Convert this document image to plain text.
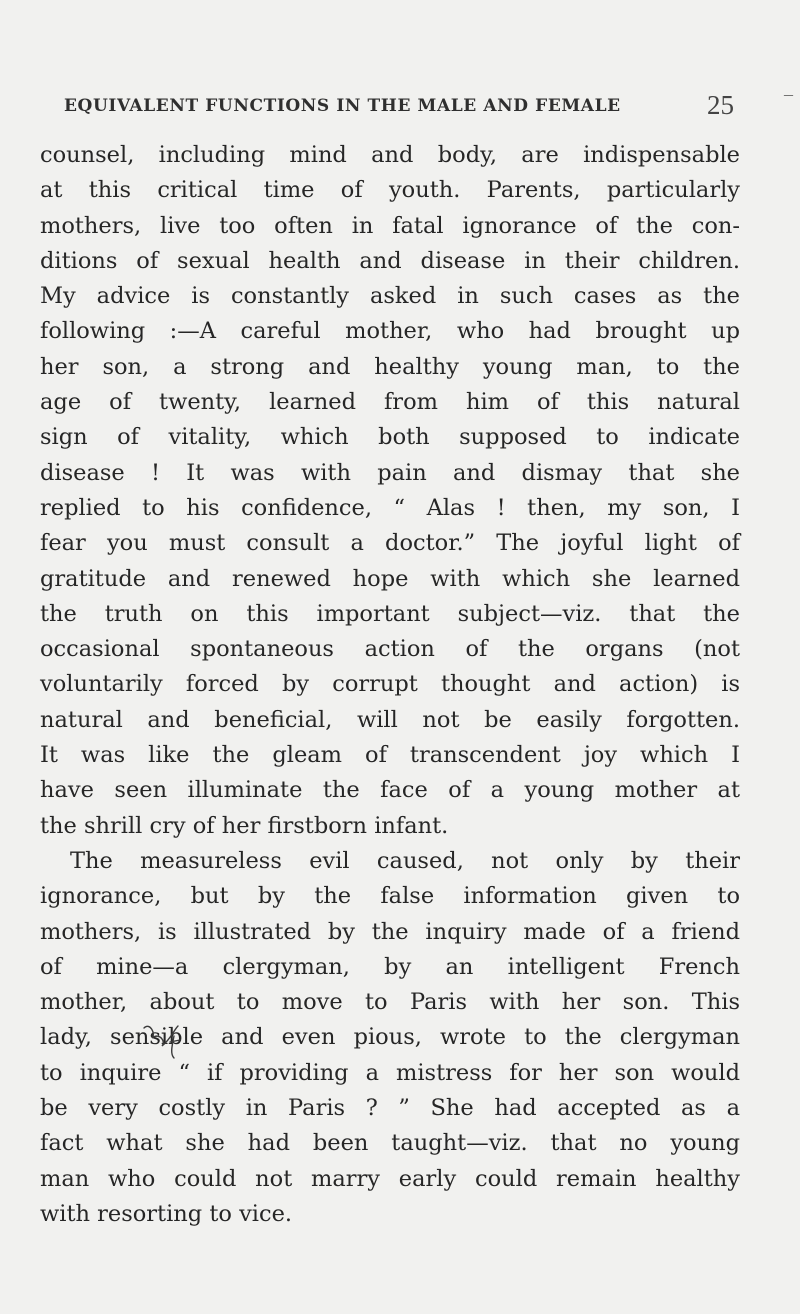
EQUIVALENT FUNCTIONS IN THE MALE AND FEMALE	25	–
counsel, including mind and body, are indispensable
at this critical time of youth. Parents, particularly
mothers, live too often in fatal ignorance of the con-
ditions of sexual health and disease in their children.
My advice is constantly asked in such cases as the
following :—A careful mother, who had brought up
her son, a strong and healthy young man, to the
age of twenty, learned from him of this natural
sign of vitality, which both supposed to indicate
disease ! It was with pain and dismay that she
replied to his confidence, “ Alas ! then, my son, I
fear you must consult a doctor.” The joyful light of
gratitude and renewed hope with which she learned
the truth on this important subject—viz. that the
occasional spontaneous action of the organs (not
voluntarily forced by corrupt thought and action) is
natural and beneficial, will not be easily forgotten.
It was like the gleam of transcendent joy which I
have seen illuminate the face of a young mother at
the shrill cry of her firstborn infant.
The measureless evil caused, not only by their
ignorance, but by the false information given to
mothers, is illustrated by the inquiry made of a friend
of mine—a clergyman, by an intelligent French
mother, about to move to Paris with her son. This
lady, sensible and even pious, wrote to the clergyman
to inquire “ if providing a mistress for her son would
be very costly in Paris ? ” She had accepted as a
fact what she had been taught—viz. that no young
man who could not marry early could remain healthy
with resorting to vice.
